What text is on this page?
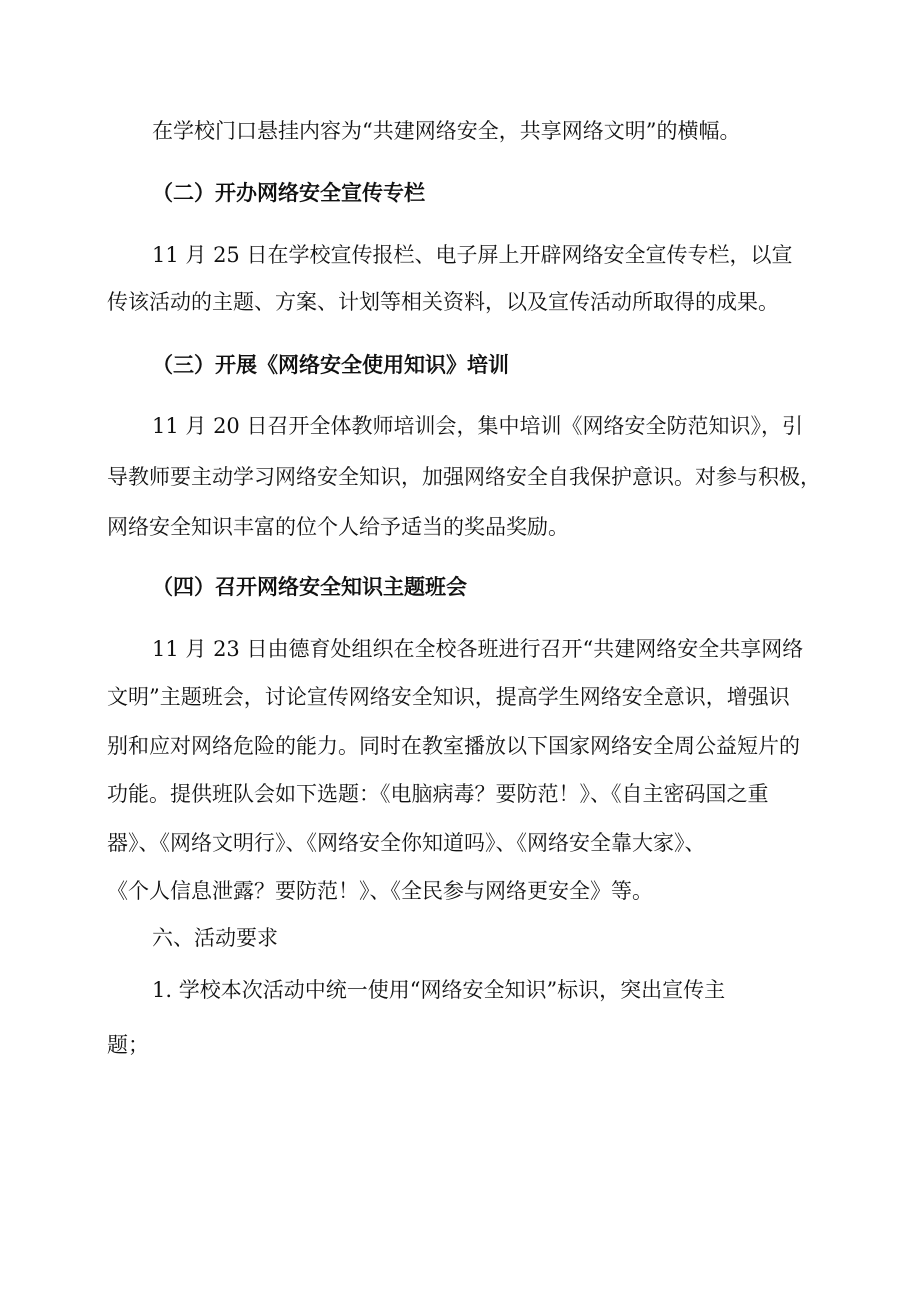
在学校门口悬挂内容为“共建网络安全，共享网络文明”的横幅。
（二）开办网络安全宣传专栏
11 月 25 日在学校宣传报栏、电子屏上开辟网络安全宣传专栏，以宣
传该活动的主题、方案、计划等相关资料，以及宣传活动所取得的成果。
（三）开展《网络安全使用知识》培训
11 月 20 日召开全体教师培训会，集中培训《网络安全防范知识》，引
导教师要主动学习网络安全知识，加强网络安全自我保护意识。对参与积极，
网络安全知识丰富的位个人给予适当的奖品奖励。
（四）召开网络安全知识主题班会
11 月 23 日由德育处组织在全校各班进行召开“共建网络安全共享网络
文明”主题班会，讨论宣传网络安全知识，提高学生网络安全意识，增强识
别和应对网络危险的能力。同时在教室播放以下国家网络安全周公益短片的
功能。提供班队会如下选题：《电脑病毒？要防范！》、《自主密码国之重
器》、《网络文明行》、《网络安全你知道吗》、《网络安全靠大家》、
《个人信息泄露？要防范！》、《全民参与网络更安全》等。
六、活动要求
1. 学校本次活动中统一使用“网络安全知识”标识，突出宣传主
题；
